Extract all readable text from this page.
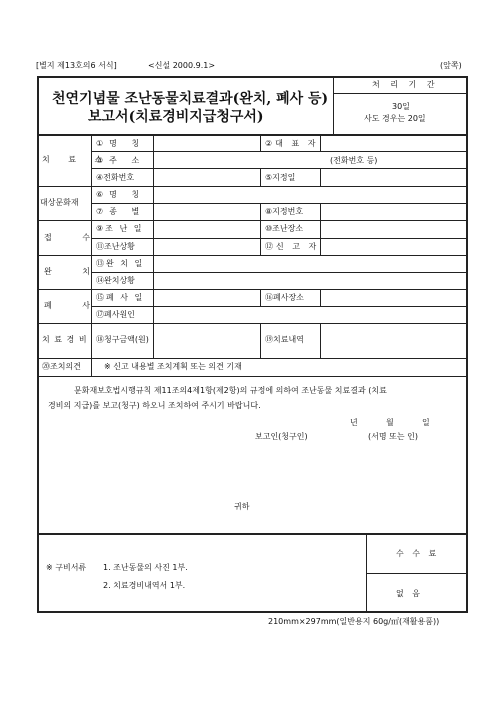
[별지 제13호의6 서식]	<신설 2000.9.1>	(앞쪽)
천연기념물 조난동물치료결과(완치, 폐사 등)
보고서(치료경비지급청구서)
처 리 기 간
30일
사도 경우는 20일
치 료 소
①명 칭	②대 표 자
③주 소	(전화번호 등)
④전화번호	⑤지정일
대상문화재
⑥명 칭
⑦종 별	⑧지정번호
접 수
⑨조 난 일	⑩조난장소
⑪조난상황	⑫신 고 자
완 치
⑬완 치 일
⑭완치상황
폐 사
⑮폐 사 일	⑯폐사장소
⑰폐사원인
치 료 경 비 ⑱청구금액(원)	⑲치료내역
⑳조치의견	※ 신고 내용별 조치계획 또는 의견 기재
문화재보호법시행규칙 제11조의4제1항(제2항)의 규정에 의하여 조난동물 치료결과 (치료
경비의 지급)를 보고(청구) 하오니 조치하여 주시기 바랍니다.
년	월	일
보고인(청구인)	(서명 또는 인)
귀하
※ 구비서류 1. 조난동물의 사진 1부.
2. 치료경비내역서 1부.
수 수 료
없 음
210mm×297mm(일반용지 60g/㎡(재활용품))
